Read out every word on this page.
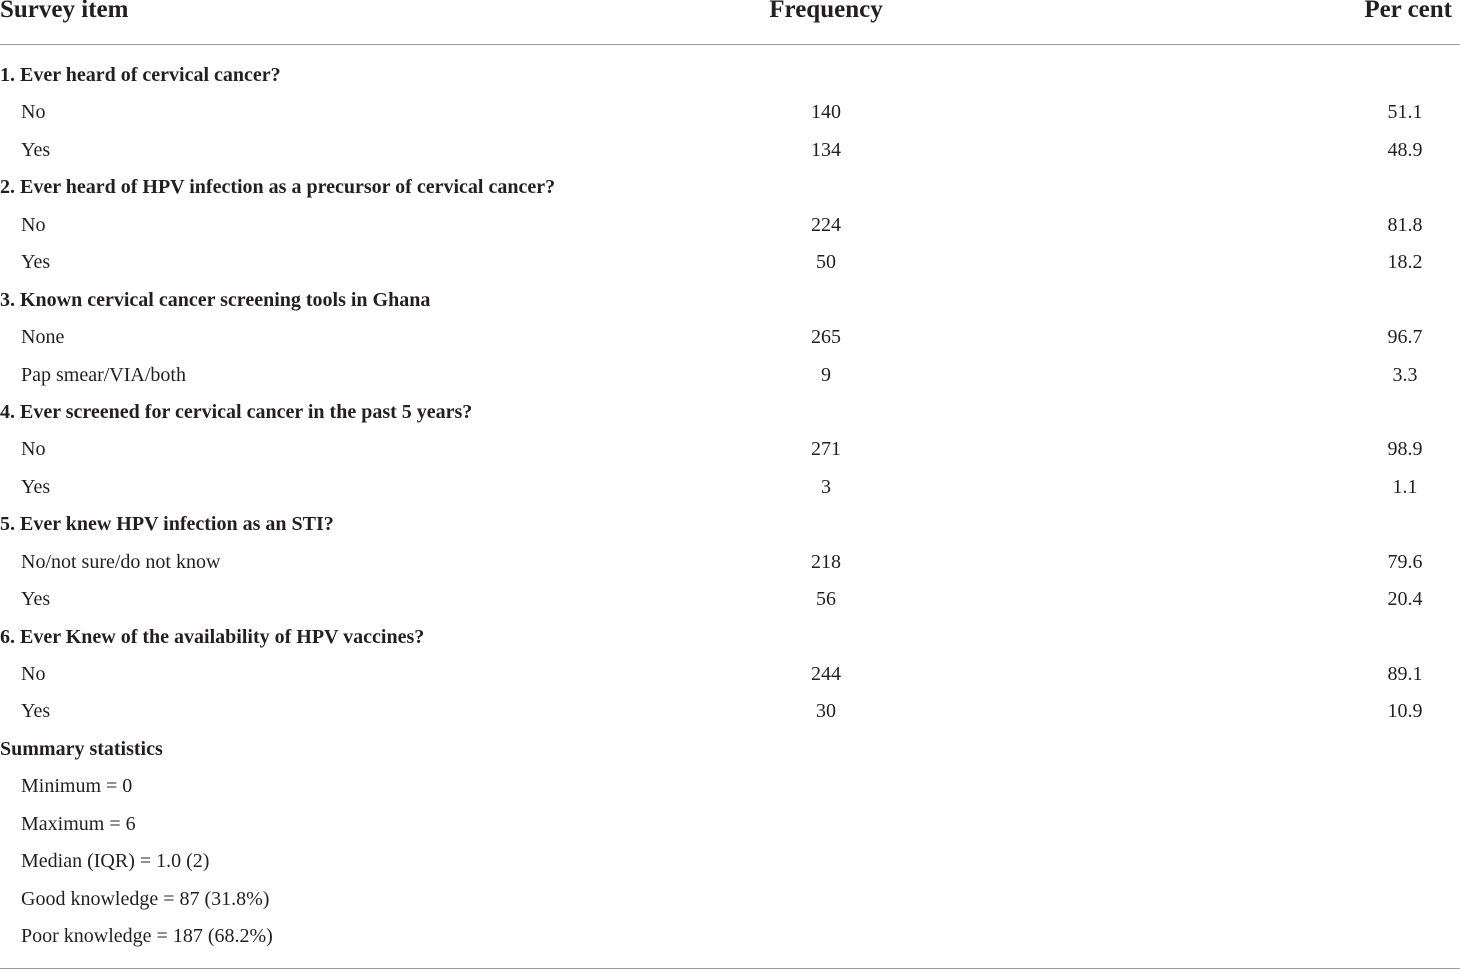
Survey item	Frequency	Per cent
1. Ever heard of cervical cancer?
No	140	51.1
Yes	134	48.9
2. Ever heard of HPV infection as a precursor of cervical cancer?
No	224	81.8
Yes	50	18.2
3. Known cervical cancer screening tools in Ghana
None	265	96.7
Pap smear/VIA/both	9	3.3
4. Ever screened for cervical cancer in the past 5 years?
No	271	98.9
Yes	3	1.1
5. Ever knew HPV infection as an STI?
No/not sure/do not know	218	79.6
Yes	56	20.4
6. Ever Knew of the availability of HPV vaccines?
No	244	89.1
Yes	30	10.9
Summary statistics
Minimum = 0
Maximum = 6
Median (IQR) = 1.0 (2)
Good knowledge = 87 (31.8%)
Poor knowledge = 187 (68.2%)
